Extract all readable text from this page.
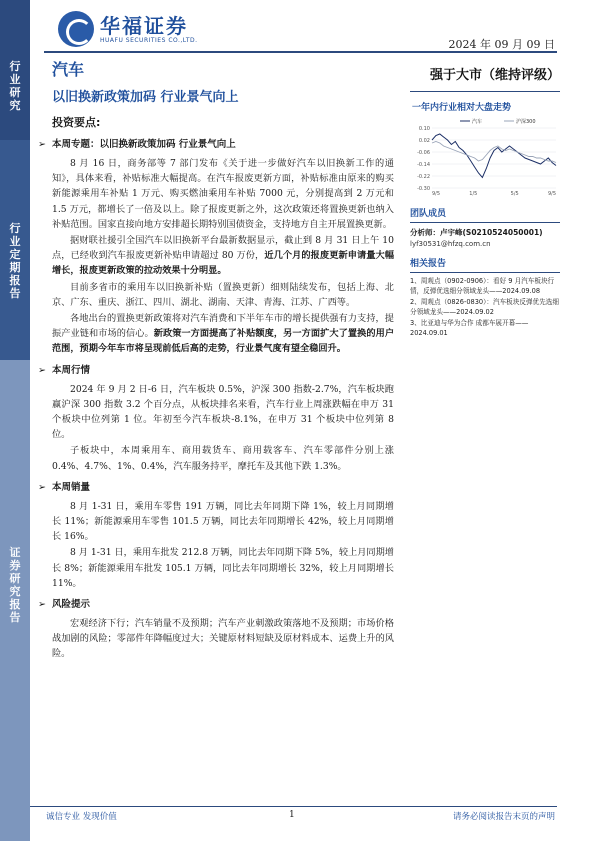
行
业
研
究
行
业
定
期
报
告
证
券
研
究
报
告
华福证券
HUAFU SECURITIES CO.,LTD.	2024 年 09 月 09 日
汽车
以旧换新政策加码 行业景气向上
投资要点:
➢ 本周专题：以旧换新政策加码 行业景气向上
8 月 16 日，商务部等 7 部门发布《关于进一步做好汽车以旧换新工作的通知》，具体来看，补贴标准大幅提高。在汽车报废更新方面，补贴标准由原来的购买新能源乘用车补贴 1 万元、购买燃油乘用车补贴 7000 元，分别提高到 2 万元和 1.5 万元，都增长了一倍及以上。除了报废更新之外，这次政策还将置换更新也纳入补贴范围。国家直接向地方安排超长期特别国债资金，支持地方自主开展置换更新。
据财联社援引全国汽车以旧换新平台最新数据显示，截止到 8 月 31 日上午 10 点，已经收到汽车报废更新补贴申请超过 80 万份，近几个月的报废更新申请量大幅增长，报废更新政策的拉动效果十分明显。
目前多省市的乘用车以旧换新补贴（置换更新）细则陆续发布，包括上海、北京、广东、重庆、浙江、四川、湖北、湖南、天津、青海、江苏、广西等。
各地出台的置换更新政策将对汽车消费和下半年车市的增长提供强有力支持，提振产业链和市场的信心。新政策一方面提高了补贴额度，另一方面扩大了置换的用户范围，预期今年车市将呈现前低后高的走势，行业景气度有望全稳回升。
➢ 本周行情
2024 年 9 月 2 日-6 日，汽车板块 0.5%，沪深 300 指数-2.7%，汽车板块跑赢沪深 300 指数 3.2 个百分点，从板块排名来看，汽车行业上周涨跌幅在申万 31 个板块中位列第 1 位。年初至今汽车板块-8.1%，在申万 31 个板块中位列第 8 位。
子板块中，本周乘用车、商用载货车、商用载客车、汽车零部件分别上涨 0.4%、4.7%、1%、0.4%，汽车服务持平，摩托车及其他下跌 1.3%。
➢ 本周销量
8 月 1-31 日，乘用车零售 191 万辆，同比去年同期下降 1%，较上月同期增长 11%；新能源乘用车零售 101.5 万辆，同比去年同期增长 42%，较上月同期增长 16%。
8 月 1-31 日，乘用车批发 212.8 万辆，同比去年同期下降 5%，较上月同期增长 8%；新能源乘用车批发 105.1 万辆，同比去年同期增长 32%，较上月同期增长 11%。
➢ 风险提示
宏观经济下行；汽车销量不及预期；汽车产业刺激政策落地不及预期；市场价格战加剧的风险；零部件年降幅度过大；关键原材料短缺及原材料成本、运费上升的风险。
强于大市（维持评级）
一年内行业相对大盘走势
0.10
0.02
-0.06
-0.14
-0.22
-0.30
9/5	1/5	5/5	9/5
汽车	沪深300
团队成员
分析师：卢宇峰(S0210524050001)
lyf30531@hfzq.com.cn
相关报告
1、周观点（0902-0906）：看好 9 月汽车板块行情，反弹优选细分领域龙头——2024.09.08
2、周观点（0826-0830）：汽车板块反弹优先选细分领域龙头——2024.09.02
3、比亚迪与华为合作 成都车展开幕——2024.09.01
诚信专业 发现价值	1	请务必阅读报告末页的声明
